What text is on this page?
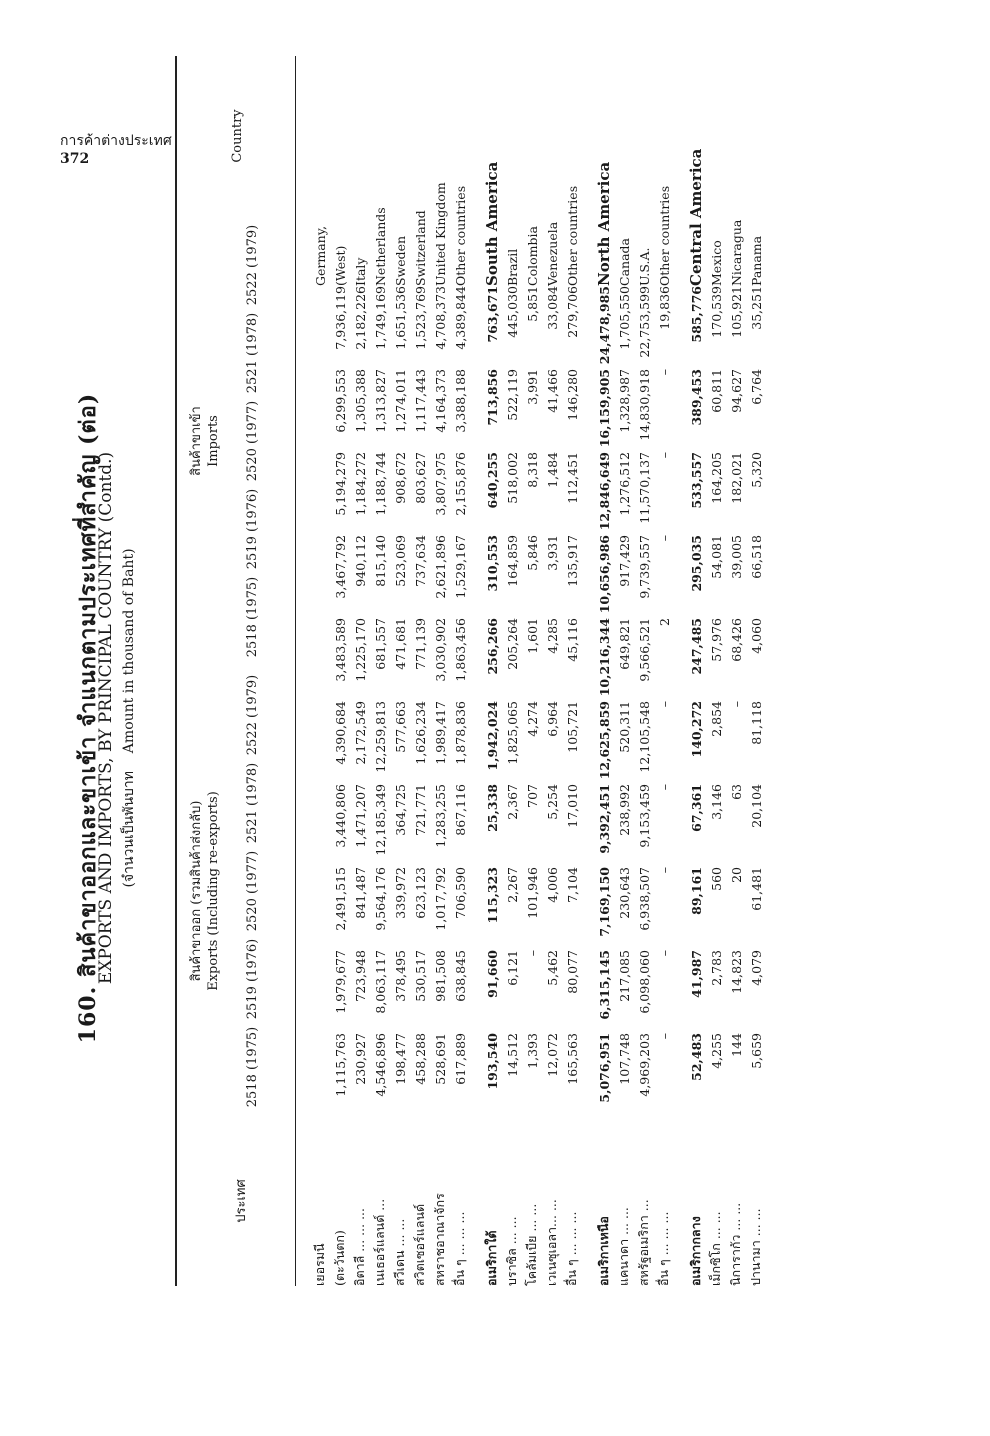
การค้าต่างประเทศ
372
160. สินค้าขาออกและขาเข้า จำแนกตามประเทศที่สำคัญ (ต่อ)
EXPORTS AND IMPORTS, BY PRINCIPAL COUNTRY (Contd.) (จำนวนเป็นพันบาท    Amount in thousand of Baht)
ประเทศ
สินค้าขาออก (รวมสินค้าส่งกลับ) Exports (Including re-exports)
สินค้าขาเข้า Imports
Country
2518 (1975)
2519 (1976)
2520 (1977)
2521 (1978)
2522 (1979)
2518 (1975)
2519 (1976)
2520 (1977)
2521 (1978)
2522 (1979)
เยอรมนี											Germany,
(ตะวันตก)	1,115,763	1,979,677	2,491,515	3,440,806	4,390,684	3,483,589	3,467,792	5,194,279	6,299,553	7,936,119	(West)
อิตาลี ... ... ...	230,927	723,948	841,487	1,471,207	2,172,549	1,225,170	940,112	1,184,272	1,305,388	2,182,226	Italy
เนเธอร์แลนด์ ...	4,546,896	8,063,117	9,564,176	12,185,349	12,259,813	681,557	815,140	1,188,744	1,313,827	1,749,169	Netherlands
สวีเดน ... ...	198,477	378,495	339,972	364,725	577,663	471,681	523,069	908,672	1,274,011	1,651,536	Sweden
สวิตเซอร์แลนด์	458,288	530,517	623,123	721,771	1,626,234	771,139	737,634	803,627	1,117,443	1,523,769	Switzerland
สหราชอาณาจักร	528,691	981,508	1,017,792	1,283,255	1,989,417	3,030,902	2,621,896	3,807,975	4,164,373	4,708,373	United Kingdom
อื่น ๆ ... ... ...	617,889	638,845	706,590	867,116	1,878,836	1,863,456	1,529,167	2,155,876	3,388,188	4,389,844	Other countries
อเมริกาใต้	193,540	91,660	115,323	25,338	1,942,024	256,266	310,553	640,255	713,856	763,671	South America
บราซิล ... ...	14,512	6,121	2,267	2,367	1,825,065	205,264	164,859	518,002	522,119	445,030	Brazil
โคลัมเบีย ... ...	1,393	–	101,946	707	4,274	1,601	5,846	8,318	3,991	5,851	Colombia
เวเนซุเอลา... ...	12,072	5,462	4,006	5,254	6,964	4,285	3,931	1,484	41,466	33,084	Venezuela
อื่น ๆ ... ... ...	165,563	80,077	7,104	17,010	105,721	45,116	135,917	112,451	146,280	279,706	Other countries
อเมริกาเหนือ	5,076,951	6,315,145	7,169,150	9,392,451	12,625,859	10,216,344	10,656,986	12,846,649	16,159,905	24,478,985	North America
แคนาดา ... ...	107,748	217,085	230,643	238,992	520,311	649,821	917,429	1,276,512	1,328,987	1,705,550	Canada
สหรัฐอเมริกา ...	4,969,203	6,098,060	6,938,507	9,153,459	12,105,548	9,566,521	9,739,557	11,570,137	14,830,918	22,753,599	U.S.A.
อื่น ๆ ... ... ...	–	–	–	–	–	2	–	–	–	19,836	Other countries
อเมริกากลาง	52,483	41,987	89,161	67,361	140,272	247,485	295,035	533,557	389,453	585,776	Central America
เม็กซิโก ... ...	4,255	2,783	560	3,146	2,854	57,976	54,081	164,205	60,811	170,539	Mexico
นิการากัว ... ...	144	14,823	20	63	–	68,426	39,005	182,021	94,627	105,921	Nicaragua
ปานามา ... ...	5,659	4,079	61,481	20,104	81,118	4,060	66,518	5,320	6,764	35,251	Panama
